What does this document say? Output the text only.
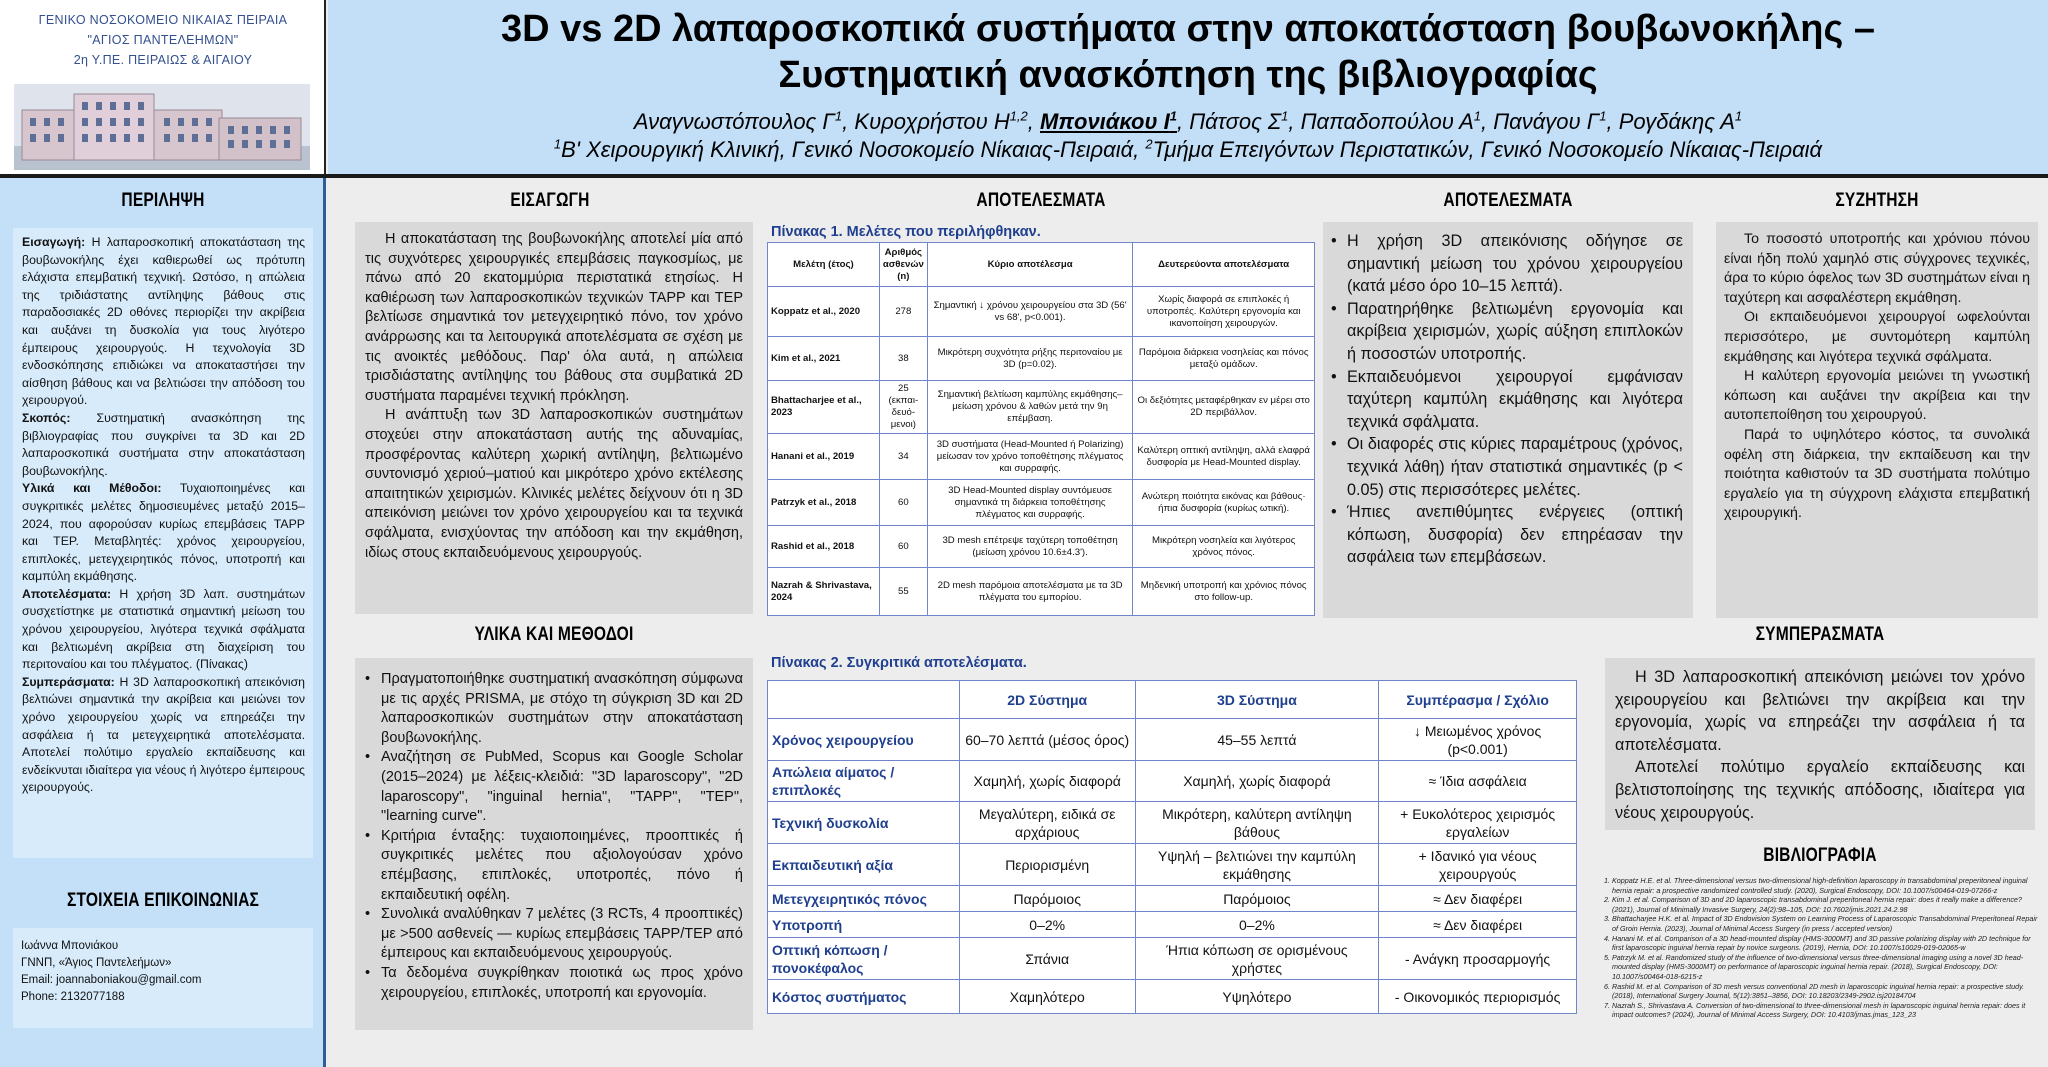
ΓΕΝΙΚΟ ΝΟΣΟΚΟΜΕΙΟ ΝΙΚΑΙΑΣ ΠΕΙΡΑΙΑ
"ΑΓΙΟΣ ΠΑΝΤΕΛΕΗΜΩΝ"
2η Υ.ΠΕ. ΠΕΙΡΑΙΩΣ & ΑΙΓΑΙΟΥ
3D vs 2D λαπαροσκοπικά συστήματα στην αποκατάσταση βουβωνοκήλης –
Συστηματική ανασκόπηση της βιβλιογραφίας
Αναγνωστόπουλος $\Gamma^1$, Κυροχρήστου Η$^{1,2}$, Μπονιάκου $I^1$, Πάτσος $\Sigma^1$, Παπαδοπούλου $A^1$, Πανάγου $\Gamma^1$, Ρογδάκης $A^1$
$^1$Β' Χειρουργική Κλινική, Γενικό Νοσοκομείο Νίκαιας-Πειραιά, $^2$Τμήμα Επειγόντων Περιστατικών, Γενικό Νοσοκομείο Νίκαιας-Πειραιά
ΠΕΡΙΛΗΨΗ
Εισαγωγή: Η λαπαροσκοπική αποκατάσταση της βουβωνοκήλης έχει καθιερωθεί ως πρότυπη ελάχιστα επεμβατική τεχνική. Ωστόσο, η απώλεια της τριδιάστατης αντίληψης βάθους στις παραδοσιακές 2D οθόνες περιορίζει την ακρίβεια και αυξάνει τη δυσκολία για τους λιγότερο έμπειρους χειρουργούς. Η τεχνολογία 3D ενδοσκόπησης επιδιώκει να αποκαταστήσει την αίσθηση βάθους και να βελτιώσει την απόδοση του χειρουργού.
Σκοπός: Συστηματική ανασκόπηση της βιβλιογραφίας που συγκρίνει τα 3D και 2D λαπαροσκοπικά συστήματα στην αποκατάσταση βουβωνοκήλης.
Υλικά και Μέθοδοι: Τυχαιοποιημένες και συγκριτικές μελέτες δημοσιευμένες μεταξύ 2015–2024, που αφορούσαν κυρίως επεμβάσεις TAPP και TEP. Μεταβλητές: χρόνος χειρουργείου, επιπλοκές, μετεγχειρητικός πόνος, υποτροπή και καμπύλη εκμάθησης.
Αποτελέσματα: Η χρήση 3D λαπ. συστημάτων συσχετίστηκε με στατιστικά σημαντική μείωση του χρόνου χειρουργείου, λιγότερα τεχνικά σφάλματα και βελτιωμένη ακρίβεια στη διαχείριση του περιτοναίου και του πλέγματος. (Πίνακας)
Συμπεράσματα: Η 3D λαπαροσκοπική απεικόνιση βελτιώνει σημαντικά την ακρίβεια και μειώνει τον χρόνο χειρουργείου χωρίς να επηρεάζει την ασφάλεια ή τα μετεγχειρητικά αποτελέσματα. Αποτελεί πολύτιμο εργαλείο εκπαίδευσης και ενδείκνυται ιδιαίτερα για νέους ή λιγότερο έμπειρους χειρουργούς.
ΣΤΟΙΧΕΙΑ ΕΠΙΚΟΙΝΩΝΙΑΣ
Ιωάννα Μπονιάκου
ΓΝΝΠ, «Άγιος Παντελεήμων»
Email: joannaboniakou@gmail.com
Phone: 2132077188
ΕΙΣΑΓΩΓΗ

Η αποκατάσταση της βουβωνοκήλης αποτελεί μία από τις συχνότερες χειρουργικές επεμβάσεις παγκοσμίως, με πάνω από 20 εκατομμύρια περιστατικά ετησίως. Η καθιέρωση των λαπαροσκοπικών τεχνικών TAPP και TEP βελτίωσε σημαντικά τον μετεγχειρητικό πόνο, τον χρόνο ανάρρωσης και τα λειτουργικά αποτελέσματα σε σχέση με τις ανοικτές μεθόδους. Παρ' όλα αυτά, η απώλεια τρισδιάστατης αντίληψης του βάθους στα συμβατικά 2D συστήματα παραμένει τεχνική πρόκληση.

Η ανάπτυξη των 3D λαπαροσκοπικών συστημάτων στοχεύει στην αποκατάσταση αυτής της αδυναμίας, προσφέροντας καλύτερη χωρική αντίληψη, βελτιωμένο συντονισμό χεριού–ματιού και μικρότερο χρόνο εκτέλεσης απαιτητικών χειρισμών. Κλινικές μελέτες δείχνουν ότι η 3D απεικόνιση μειώνει τον χρόνο χειρουργείου και τα τεχνικά σφάλματα, ενισχύοντας την απόδοση και την εκμάθηση, ιδίως στους εκπαιδευόμενους χειρουργούς.

ΥΛΙΚΑ ΚΑΙ ΜΕΘΟΔΟΙ
• Πραγματοποιήθηκε συστηματική ανασκόπηση σύμφωνα με τις αρχές PRISMA, με στόχο τη σύγκριση 3D και 2D λαπαροσκοπικών συστημάτων στην αποκατάσταση βουβωνοκήλης.
• Αναζήτηση σε PubMed, Scopus και Google Scholar (2015–2024) με λέξεις-κλειδιά: "3D laparoscopy", "2D laparoscopy", "inguinal hernia", "TAPP", "TEP", "learning curve".
• Κριτήρια ένταξης: τυχαιοποιημένες, προοπτικές ή συγκριτικές μελέτες που αξιολογούσαν χρόνο επέμβασης, επιπλοκές, υποτροπές, πόνο ή εκπαιδευτική οφέλη.
• Συνολικά αναλύθηκαν 7 μελέτες (3 RCTs, 4 προοπτικές) με >500 ασθενείς — κυρίως επεμβάσεις TAPP/TEP από έμπειρους και εκπαιδευόμενους χειρουργούς.
• Τα δεδομένα συγκρίθηκαν ποιοτικά ως προς χρόνο χειρουργείου, επιπλοκές, υποτροπή και εργονομία.
ΑΠΟΤΕΛΕΣΜΑΤΑ
Πίνακας 1. Μελέτες που περιλήφθηκαν.
Μελέτη (έτος)	Αριθμός ασθενών (n)	Κύριο αποτέλεσμα	Δευτερεύοντα αποτελέσματα
Koppatz et al., 2020	278	Σημαντική ↓ χρόνου χειρουργείου στα 3D (56' vs 68', p<0.001).	Χωρίς διαφορά σε επιπλοκές ή υποτροπές. Καλύτερη εργονομία και ικανοποίηση χειρουργών.
Kim et al., 2021	38	Μικρότερη συχνότητα ρήξης περιτοναίου με 3D (p=0.02).	Παρόμοια διάρκεια νοσηλείας και πόνος μεταξύ ομάδων.
Bhattacharjee et al., 2023	25 (εκπαι-δευό-μενοι)	Σημαντική βελτίωση καμπύλης εκμάθησης– μείωση χρόνου & λαθών μετά την 9η επέμβαση.	Οι δεξιότητες μεταφέρθηκαν εν μέρει στο 2D περιβάλλον.
Hanani et al., 2019	34	3D συστήματα (Head-Mounted ή Polarizing) μείωσαν τον χρόνο τοποθέτησης πλέγματος και συρραφής.	Καλύτερη οπτική αντίληψη, αλλά ελαφρά δυσφορία με Head-Mounted display.
Patrzyk et al., 2018	60	3D Head-Mounted display συντόμευσε σημαντικά τη διάρκεια τοποθέτησης πλέγματος και συρραφής.	Ανώτερη ποιότητα εικόνας και βάθους· ήπια δυσφορία (κυρίως ωτική).
Rashid et al., 2018	60	3D mesh επέτρεψε ταχύτερη τοποθέτηση (μείωση χρόνου 10.6±4.3').	Μικρότερη νοσηλεία και λιγότερος χρόνος πόνος.
Nazrah & Shrivastava, 2024	55	2D mesh παρόμοια αποτελέσματα με τα 3D πλέγματα του εμπορίου.	Μηδενική υποτροπή και χρόνιος πόνος στο follow-up.
Πίνακας 2. Συγκριτικά αποτελέσματα.
	2D Σύστημα	3D Σύστημα	Συμπέρασμα / Σχόλιο
Χρόνος χειρουργείου	60–70 λεπτά (μέσος όρος)	45–55 λεπτά	↓ Μειωμένος χρόνος (p<0.001)
Απώλεια αίματος / επιπλοκές	Χαμηλή, χωρίς διαφορά	Χαμηλή, χωρίς διαφορά	≈ Ίδια ασφάλεια
Τεχνική δυσκολία	Μεγαλύτερη, ειδικά σε αρχάριους	Μικρότερη, καλύτερη αντίληψη βάθους	+ Ευκολότερος χειρισμός εργαλείων
Εκπαιδευτική αξία	Περιορισμένη	Υψηλή – βελτιώνει την καμπύλη εκμάθησης	+ Ιδανικό για νέους χειρουργούς
Μετεγχειρητικός πόνος	Παρόμοιος	Παρόμοιος	≈ Δεν διαφέρει
Υποτροπή	0–2%	0–2%	≈ Δεν διαφέρει
Οπτική κόπωση / πονοκέφαλος	Σπάνια	Ήπια κόπωση σε ορισμένους χρήστες	- Ανάγκη προσαρμογής
Κόστος συστήματος	Χαμηλότερο	Υψηλότερο	- Οικονομικός περιορισμός
ΑΠΟΤΕΛΕΣΜΑΤΑ
• Η χρήση 3D απεικόνισης οδήγησε σε σημαντική μείωση του χρόνου χειρουργείου (κατά μέσο όρο 10–15 λεπτά).
• Παρατηρήθηκε βελτιωμένη εργονομία και ακρίβεια χειρισμών, χωρίς αύξηση επιπλοκών ή ποσοστών υποτροπής.
• Εκπαιδευόμενοι χειρουργοί εμφάνισαν ταχύτερη καμπύλη εκμάθησης και λιγότερα τεχνικά σφάλματα.
• Οι διαφορές στις κύριες παραμέτρους (χρόνος, τεχνικά λάθη) ήταν στατιστικά σημαντικές (p < 0.05) στις περισσότερες μελέτες.
• Ήπιες ανεπιθύμητες ενέργειες (οπτική κόπωση, δυσφορία) δεν επηρέασαν την ασφάλεια των επεμβάσεων.
ΣΥΖΗΤΗΣΗ

Το ποσοστό υποτροπής και χρόνιου πόνου είναι ήδη πολύ χαμηλό στις σύγχρονες τεχνικές, άρα το κύριο όφελος των 3D συστημάτων είναι η ταχύτερη και ασφαλέστερη εκμάθηση.

Οι εκπαιδευόμενοι χειρουργοί ωφελούνται περισσότερο, με συντομότερη καμπύλη εκμάθησης και λιγότερα τεχνικά σφάλματα.

Η καλύτερη εργονομία μειώνει τη γνωστική κόπωση και αυξάνει την ακρίβεια και την αυτοπεποίθηση του χειρουργού.

Παρά το υψηλότερο κόστος, τα συνολικά οφέλη στη διάρκεια, την εκπαίδευση και την ποιότητα καθιστούν τα 3D συστήματα πολύτιμο εργαλείο για τη σύγχρονη ελάχιστα επεμβατική χειρουργική.

ΣΥΜΠΕΡΑΣΜΑΤΑ

Η 3D λαπαροσκοπική απεικόνιση μειώνει τον χρόνο χειρουργείου και βελτιώνει την ακρίβεια και την εργονομία, χωρίς να επηρεάζει την ασφάλεια ή τα αποτελέσματα.

Αποτελεί πολύτιμο εργαλείο εκπαίδευσης και βελτιστοποίησης της τεχνικής απόδοσης, ιδιαίτερα για νέους χειρουργούς.

ΒΙΒΛΙΟΓΡΑΦΙΑ
1. Koppatz H.E. et al. Three-dimensional versus two-dimensional high-definition laparoscopy in transabdominal preperitoneal inguinal hernia repair: a prospective randomized controlled study. (2020), Surgical Endoscopy, DOI: 10.1007/s00464-019-07266-z
2. Kim J. et al. Comparison of 3D and 2D laparoscopic transabdominal preperitoneal hernia repair: does it really make a difference? (2021), Journal of Minimally Invasive Surgery, 24(2):98–105, DOI: 10.7602/jmis.2021.24.2.98
3. Bhattacharjee H.K. et al. Impact of 3D Endovision System on Learning Process of Laparoscopic Transabdominal Preperitoneal Repair of Groin Hernia. (2023), Journal of Minimal Access Surgery (in press / accepted version)
4. Hanani M. et al. Comparison of a 3D head-mounted display (HMS-3000MT) and 3D passive polarizing display with 2D technique for first laparoscopic inguinal hernia repair by novice surgeons. (2019), Hernia, DOI: 10.1007/s10029-019-02065-w
5. Patrzyk M. et al. Randomized study of the influence of two-dimensional versus three-dimensional imaging using a novel 3D head-mounted display (HMS-3000MT) on performance of laparoscopic inguinal hernia repair. (2018), Surgical Endoscopy, DOI: 10.1007/s00464-018-6215-z
6. Rashid M. et al. Comparison of 3D mesh versus conventional 2D mesh in laparoscopic inguinal hernia repair: a prospective study. (2018), International Surgery Journal, 5(12):3851–3856, DOI: 10.18203/2349-2902.isj20184704
7. Nazrah S., Shrivastava A. Conversion of two-dimensional to three-dimensional mesh in laparoscopic inguinal hernia repair: does it impact outcomes? (2024), Journal of Minimal Access Surgery, DOI: 10.4103/jmas.jmas_123_23
